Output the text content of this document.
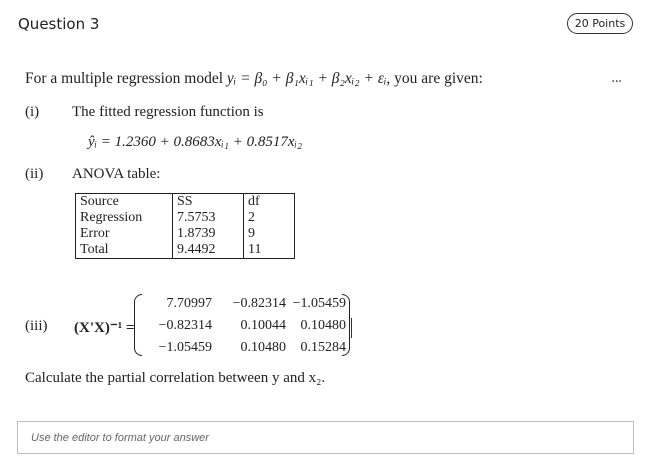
Question 3	20 Points
···
For a multiple regression model yᵢ = β₀ + β₁xᵢ₁ + β₂xᵢ₂ + εᵢ, you are given:
(i) The fitted regression function is
ŷᵢ = 1.2360 + 0.8683xᵢ₁ + 0.8517xᵢ₂
(ii) ANOVA table:
Source	SS	df
Regression	7.5753	2
Error	1.8739	9
Total	9.4492	11
(iii) (X'X)⁻¹ =
7.70997	−0.82314 −1.05459
−0.82314	0.10044	0.10480
−1.05459	0.10480	0.15284
Calculate the partial correlation between y and x₂.
Use the editor to format your answer
